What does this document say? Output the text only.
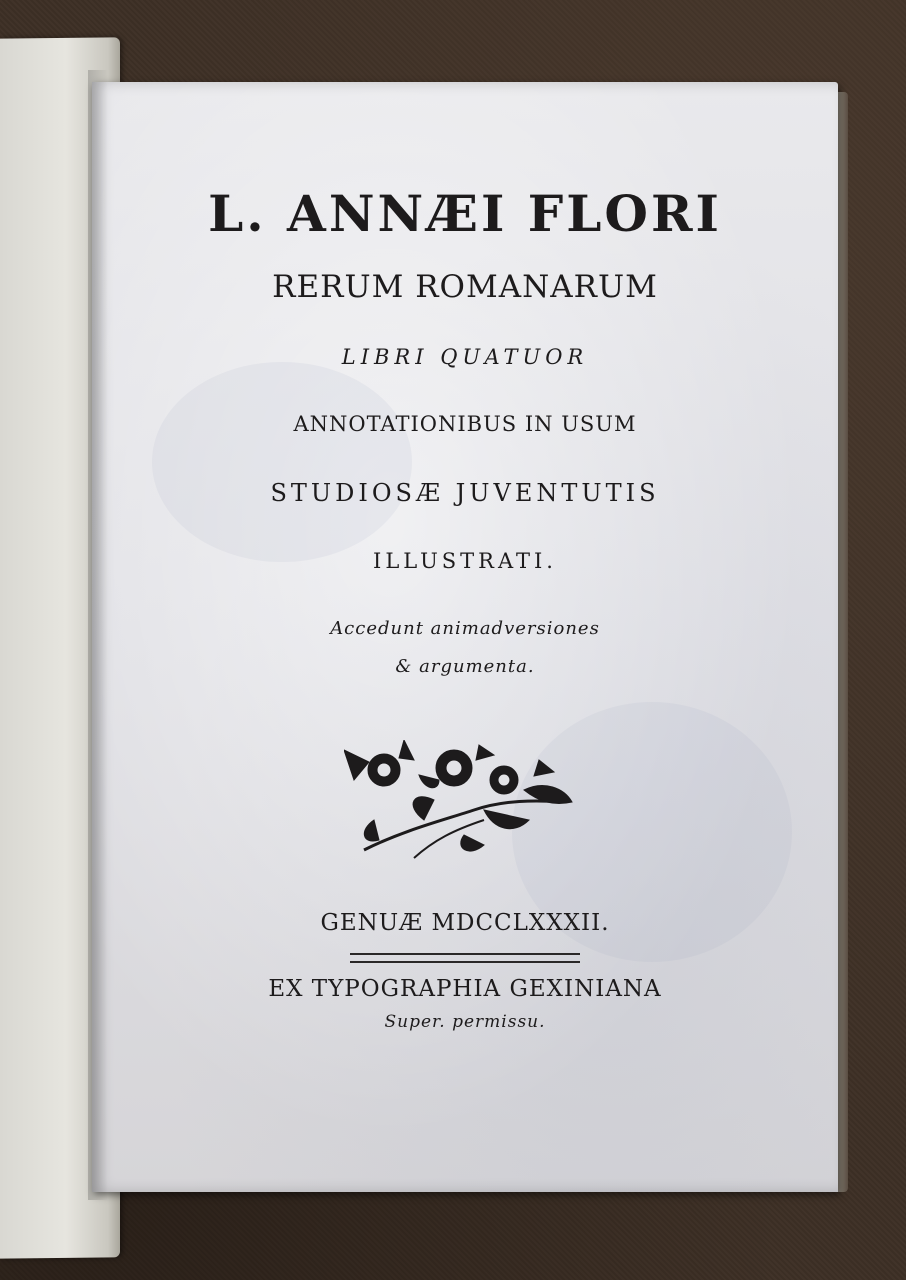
L. ANNÆI FLORI

RERUM ROMANARUM

LIBRI QUATUOR

ANNOTATIONIBUS IN USUM

STUDIOSÆ JUVENTUTIS

ILLUSTRATI.

Accedunt animadversiones

& argumenta.

GENUÆ MDCCLXXXII.

EX TYPOGRAPHIA GEXINIANA

Super. permissu.
